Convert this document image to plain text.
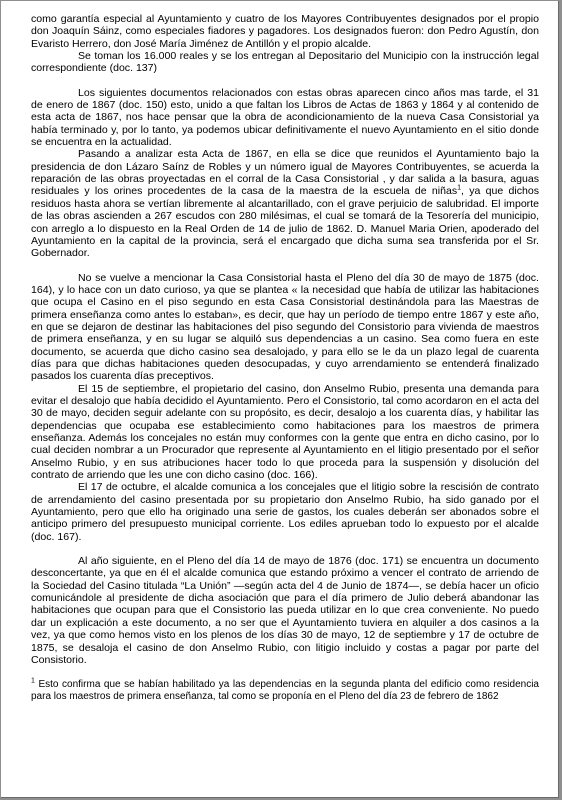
como garantía especial al Ayuntamiento y cuatro de los Mayores Contribuyentes designados por el propio don Joaquín Sáinz, como especiales fiadores y pagadores. Los designados fueron: don Pedro Agustín, don Evaristo Herrero, don José María Jiménez de Antillón y el propio alcalde.

Se toman los 16.000 reales y se los entregan al Depositario del Municipio con la instrucción legal correspondiente (doc. 137)

Los siguientes documentos relacionados con estas obras aparecen cinco años mas tarde, el 31 de enero de 1867 (doc. 150) esto, unido a que faltan los Libros de Actas de 1863 y 1864 y al contenido de esta acta de 1867, nos hace pensar que la obra de acondicionamiento de la nueva Casa Consistorial ya había terminado y, por lo tanto, ya podemos ubicar definitivamente el nuevo Ayuntamiento en el sitio donde se encuentra en la actualidad.

Pasando a analizar esta Acta de 1867, en ella se dice que reunidos el Ayuntamiento bajo la presidencia de don Lázaro Saínz de Robles y un número igual de Mayores Contribuyentes, se acuerda la reparación de las obras proyectadas en el corral de la Casa Consistorial , y dar salida a la basura, aguas residuales y los orines procedentes de la casa de la maestra de la escuela de niñas$^1$, ya que dichos residuos hasta ahora se vertían libremente al alcantarillado, con el grave perjuicio de salubridad. El importe de las obras ascienden a 267 escudos con 280 milésimas, el cual se tomará de la Tesorería del municipio, con arreglo a lo dispuesto en la Real Orden de 14 de julio de 1862. D. Manuel Maria Orien, apoderado del Ayuntamiento en la capital de la provincia, será el encargado que dicha suma sea transferida por el Sr. Gobernador.

No se vuelve a mencionar la Casa Consistorial hasta el Pleno del día 30 de mayo de 1875 (doc. 164), y lo hace con un dato curioso, ya que se plantea « la necesidad que había de utilizar las habitaciones que ocupa el Casino en el piso segundo en esta Casa Consistorial destinándola para las Maestras de primera enseñanza como antes lo estaban», es decir, que hay un período de tiempo entre 1867 y este año, en que se dejaron de destinar las habitaciones del piso segundo del Consistorio para vivienda de maestros de primera enseñanza, y en su lugar se alquiló sus dependencias a un casino. Sea como fuera en este documento, se acuerda que dicho casino sea desalojado, y para ello se le da un plazo legal de cuarenta días para que dichas habitaciones queden desocupadas, y cuyo arrendamiento se entenderá finalizado pasados los cuarenta días preceptivos.

El 15 de septiembre, el propietario del casino, don Anselmo Rubio, presenta una demanda para evitar el desalojo que había decidido el Ayuntamiento. Pero el Consistorio, tal como acordaron en el acta del 30 de mayo, deciden seguir adelante con su propósito, es decir, desalojo a los cuarenta días, y habilitar las dependencias que ocupaba ese establecimiento como habitaciones para los maestros de primera enseñanza. Además los concejales no están muy conformes con la gente que entra en dicho casino, por lo cual deciden nombrar a un Procurador que represente al Ayuntamiento en el litigio presentado por el señor Anselmo Rubio, y en sus atribuciones hacer todo lo que proceda para la suspensión y disolución del contrato de arriendo que les une con dicho casino (doc. 166).

El 17 de octubre, el alcalde comunica a los concejales que el litigio sobre la rescisión de contrato de arrendamiento del casino presentada por su propietario don Anselmo Rubio, ha sido ganado por el Ayuntamiento, pero que ello ha originado una serie de gastos, los cuales deberán ser abonados sobre el anticipo primero del presupuesto municipal corriente. Los ediles aprueban todo lo expuesto por el alcalde (doc. 167).

Al año siguiente, en el Pleno del día 14 de mayo de 1876 (doc. 171) se encuentra un documento desconcertante, ya que en él el alcalde comunica que estando próximo a vencer el contrato de arriendo de la Sociedad del Casino titulada “La Unión” —según acta del 4 de Junio de 1874—, se debía hacer un oficio comunicándole al presidente de dicha asociación que para el día primero de Julio deberá abandonar las habitaciones que ocupan para que el Consistorio las pueda utilizar en lo que crea conveniente. No puedo dar un explicación a este documento, a no ser que el Ayuntamiento tuviera en alquiler a dos casinos a la vez, ya que como hemos visto en los plenos de los días 30 de mayo, 12 de septiembre y 17 de octubre de 1875, se desaloja el casino de don Anselmo Rubio, con litigio incluido y costas a pagar por parte del Consistorio.

$^1$ Esto confirma que se habían habilitado ya las dependencias en la segunda planta del edificio como residencia para los maestros de primera enseñanza, tal como se proponía en el Pleno del día 23 de febrero de 1862
